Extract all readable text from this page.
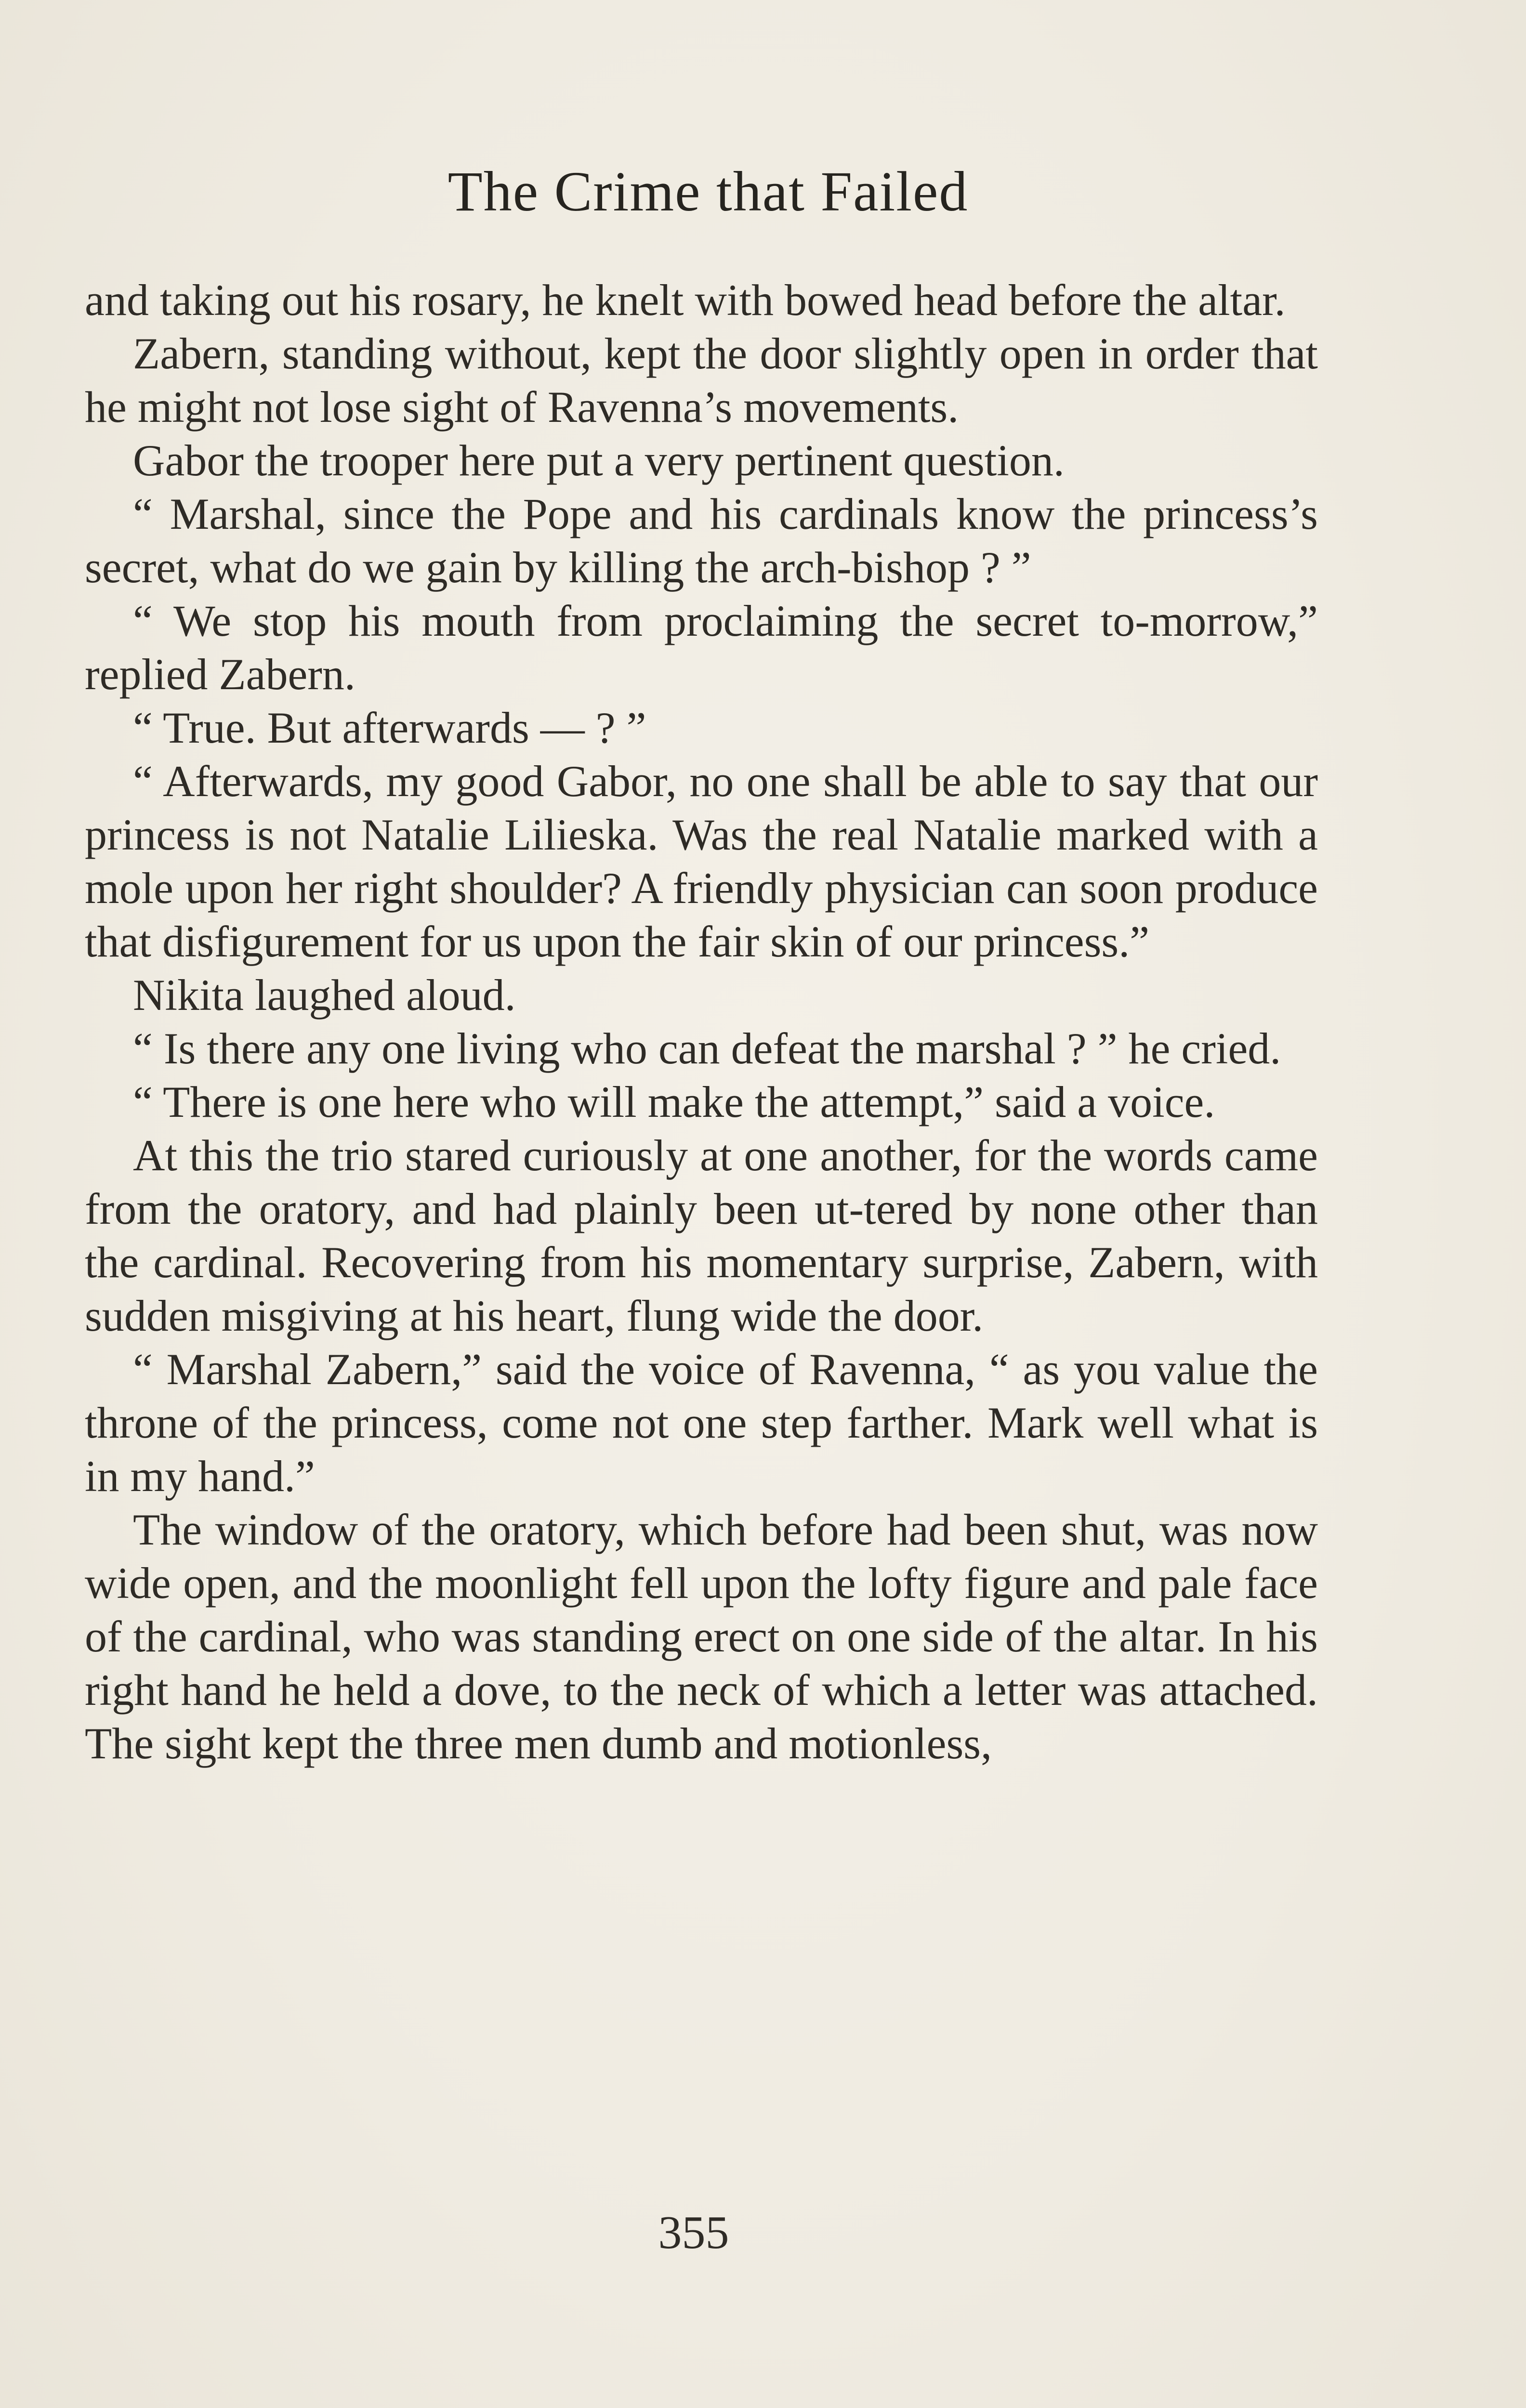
The Crime that Failed

and taking out his rosary, he knelt with bowed head before the altar.

Zabern, standing without, kept the door slightly open in order that he might not lose sight of Ravenna’s movements.

Gabor the trooper here put a very pertinent question.

“ Marshal, since the Pope and his cardinals know the princess’s secret, what do we gain by killing the arch-bishop ? ”

“ We stop his mouth from proclaiming the secret to-morrow,” replied Zabern.

“ True. But afterwards — ? ”

“ Afterwards, my good Gabor, no one shall be able to say that our princess is not Natalie Lilieska. Was the real Natalie marked with a mole upon her right shoulder? A friendly physician can soon produce that disfigurement for us upon the fair skin of our princess.”

Nikita laughed aloud.

“ Is there any one living who can defeat the marshal ? ” he cried.

“ There is one here who will make the attempt,” said a voice.

At this the trio stared curiously at one another, for the words came from the oratory, and had plainly been ut-tered by none other than the cardinal. Recovering from his momentary surprise, Zabern, with sudden misgiving at his heart, flung wide the door.

“ Marshal Zabern,” said the voice of Ravenna, “ as you value the throne of the princess, come not one step farther. Mark well what is in my hand.”

The window of the oratory, which before had been shut, was now wide open, and the moonlight fell upon the lofty figure and pale face of the cardinal, who was standing erect on one side of the altar. In his right hand he held a dove, to the neck of which a letter was attached. The sight kept the three men dumb and motionless,

355
